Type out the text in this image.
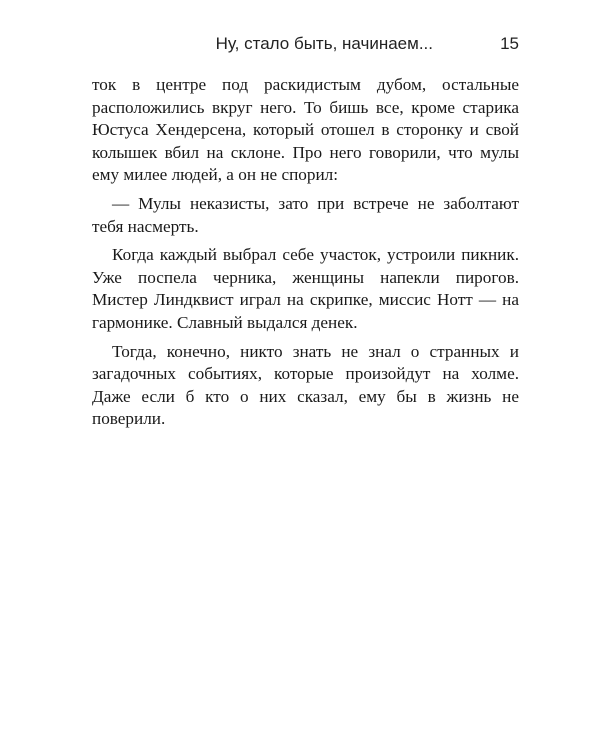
Ну, стало быть, начинаем...	15

ток в центре под раскидистым дубом, остальные расположились вкруг него. То бишь все, кроме старика Юстуса Хендерсена, который отошел в сторонку и свой колышек вбил на склоне. Про него говорили, что мулы ему милее людей, а он не спорил:

— Мулы неказисты, зато при встрече не заболтают тебя насмерть.

Когда каждый выбрал себе участок, устроили пикник. Уже поспела черника, женщины напекли пирогов. Мистер Линдквист играл на скрипке, миссис Нотт — на гармонике. Славный выдался денек.

Тогда, конечно, никто знать не знал о странных и загадочных событиях, которые произойдут на холме. Даже если б кто о них сказал, ему бы в жизнь не поверили.
